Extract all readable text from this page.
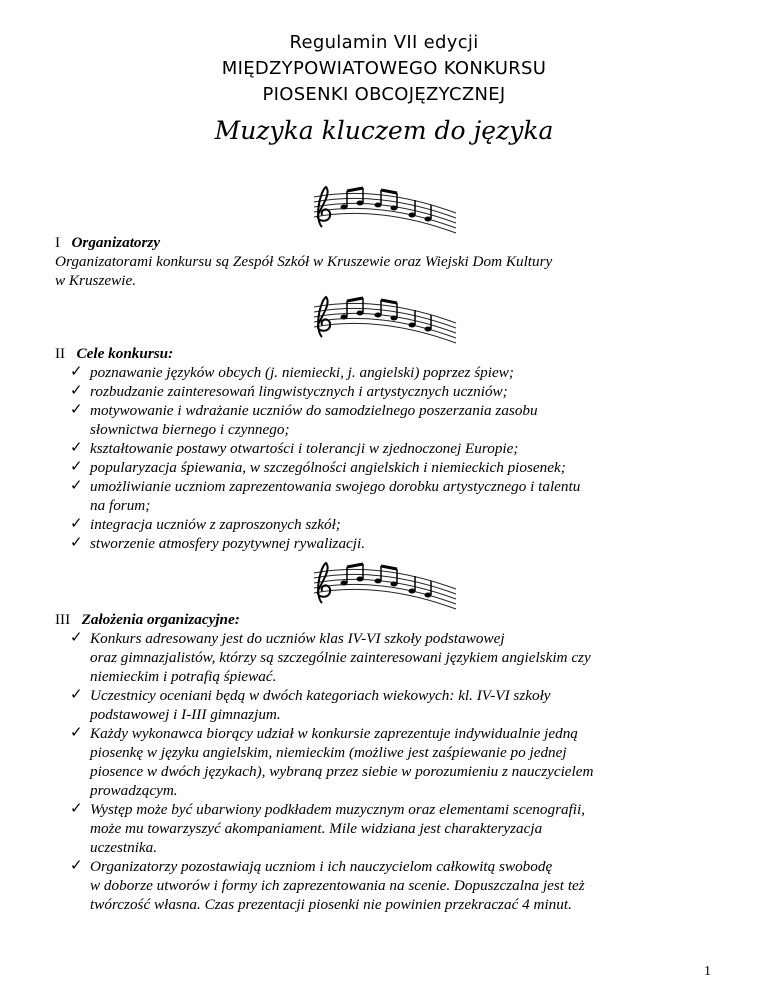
Regulamin VII edycji
MIĘDZYPOWIATOWEGO KONKURSU
PIOSENKI OBCOJĘZYCZNEJ
Muzyka kluczem do języka
I Organizatorzy
Organizatorami konkursu są Zespół Szkół w Kruszewie oraz Wiejski Dom Kultury
w Kruszewie.
II Cele konkursu:
✓ poznawanie języków obcych (j. niemiecki, j. angielski) poprzez śpiew;
✓ rozbudzanie zainteresowań lingwistycznych i artystycznych uczniów;
✓ motywowanie i wdrażanie uczniów do samodzielnego poszerzania zasobu
słownictwa biernego i czynnego;
✓ kształtowanie postawy otwartości i tolerancji w zjednoczonej Europie;
✓ popularyzacja śpiewania, w szczególności angielskich i niemieckich piosenek;
✓ umożliwianie uczniom zaprezentowania swojego dorobku artystycznego i talentu
na forum;
✓ integracja uczniów z zaproszonych szkół;
✓ stworzenie atmosfery pozytywnej rywalizacji.
III Założenia organizacyjne:
✓ Konkurs adresowany jest do uczniów klas IV-VI szkoły podstawowej
oraz gimnazjalistów, którzy są szczególnie zainteresowani językiem angielskim czy
niemieckim i potrafią śpiewać.
✓ Uczestnicy oceniani będą w dwóch kategoriach wiekowych: kl. IV-VI szkoły
podstawowej i I-III gimnazjum.
✓ Każdy wykonawca biorący udział w konkursie zaprezentuje indywidualnie jedną
piosenkę w języku angielskim, niemieckim (możliwe jest zaśpiewanie po jednej
piosence w dwóch językach), wybraną przez siebie w porozumieniu z nauczycielem
prowadzącym.
✓ Występ może być ubarwiony podkładem muzycznym oraz elementami scenografii,
może mu towarzyszyć akompaniament. Mile widziana jest charakteryzacja
uczestnika.
✓ Organizatorzy pozostawiają uczniom i ich nauczycielom całkowitą swobodę
w doborze utworów i formy ich zaprezentowania na scenie. Dopuszczalna jest też
twórczość własna. Czas prezentacji piosenki nie powinien przekraczać 4 minut.
1
